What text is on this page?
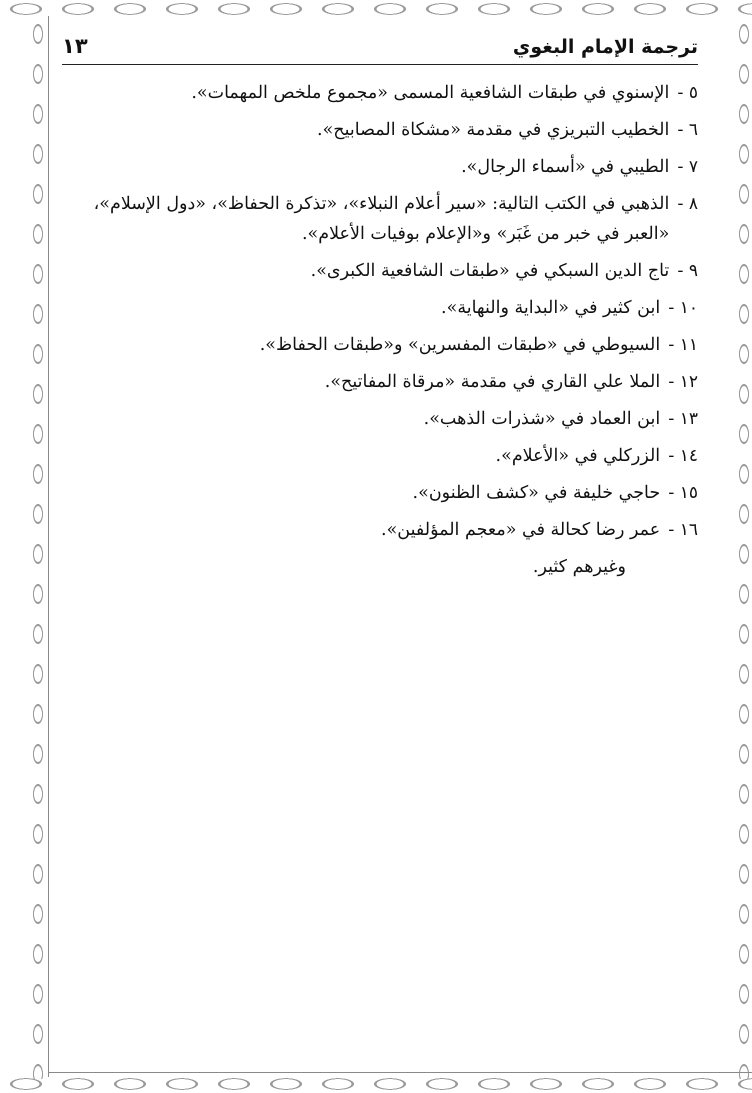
ترجمة الإمام البغوي
١٣
٥ -
الإسنوي في طبقات الشافعية المسمى «مجموع ملخص المهمات».
٦ -
الخطيب التبريزي في مقدمة «مشكاة المصابيح».
٧ -
الطيبي في «أسماء الرجال».
٨ -
الذهبي في الكتب التالية: «سير أعلام النبلاء»، «تذكرة الحفاظ»، «دول الإسلام»، «العبر في خبر من غَبَر» و«الإعلام بوفيات الأعلام».
٩ -
تاج الدين السبكي في «طبقات الشافعية الكبرى».
١٠ -
ابن كثير في «البداية والنهاية».
١١ -
السيوطي في «طبقات المفسرين» و«طبقات الحفاظ».
١٢ -
الملا علي القاري في مقدمة «مرقاة المفاتيح».
١٣ -
ابن العماد في «شذرات الذهب».
١٤ -
الزركلي في «الأعلام».
١٥ -
حاجي خليفة في «كشف الظنون».
١٦ -
عمر رضا كحالة في «معجم المؤلفين».
وغيرهم كثير.
